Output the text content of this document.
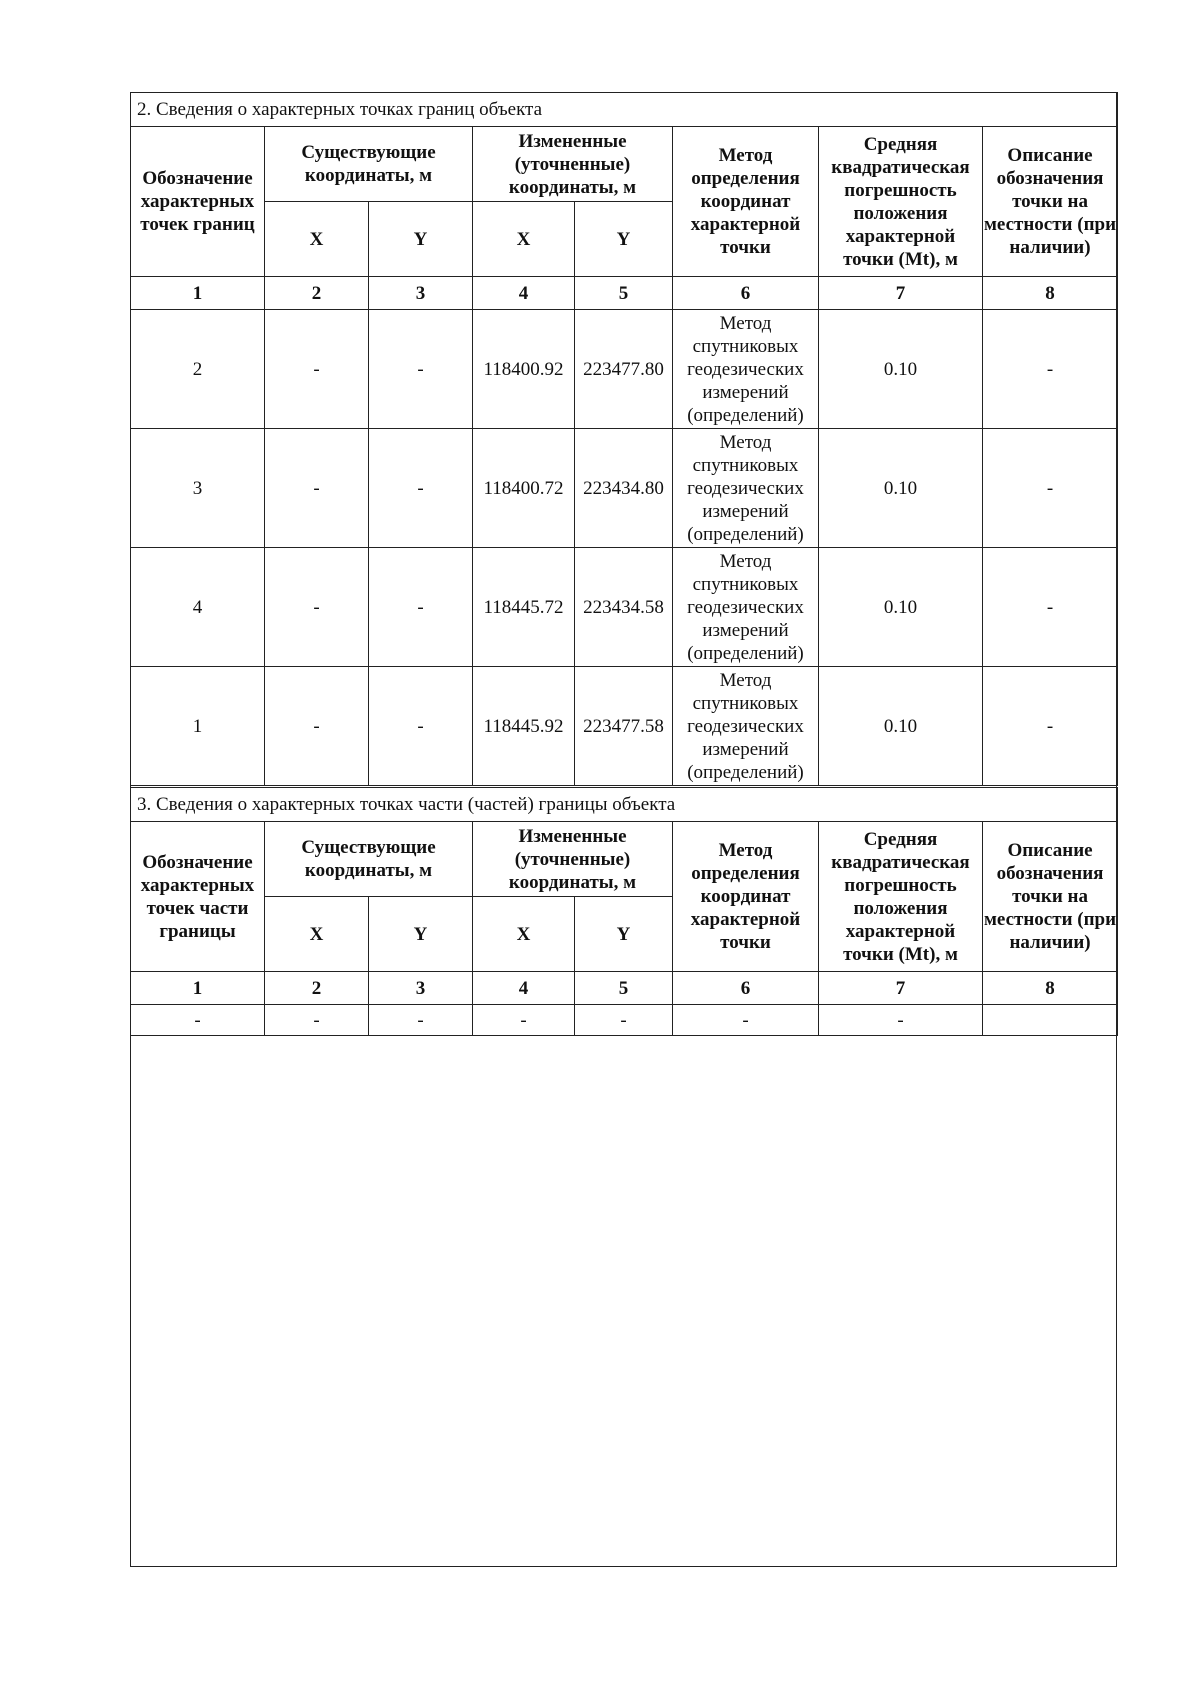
2. Сведения о характерных точках границ объекта							
Обозначение характерных точек границ	Существующие координаты, м		Измененные (уточненные) координаты, м		Метод определения координат характерной точки	Средняя квадратическая погрешность положения характерной точки (Mt), м	Описание обозначения точки на местности (при наличии)
	X	Y	X	Y			
1	2	3	4	5	6	7	8
2	-	-	118400.92	223477.80	Метод спутниковых геодезических измерений (определений)	0.10	-
3	-	-	118400.72	223434.80	Метод спутниковых геодезических измерений (определений)	0.10	-
4	-	-	118445.72	223434.58	Метод спутниковых геодезических измерений (определений)	0.10	-
1	-	-	118445.92	223477.58	Метод спутниковых геодезических измерений (определений)	0.10	-
3. Сведения о характерных точках части (частей) границы объекта							
Обозначение характерных точек части границы	Существующие координаты, м		Измененные (уточненные) координаты, м		Метод определения координат характерной точки	Средняя квадратическая погрешность положения характерной точки (Mt), м	Описание обозначения точки на местности (при наличии)
	X	Y	X	Y			
1	2	3	4	5	6	7	8
-	-	-	-	-	-	-	
